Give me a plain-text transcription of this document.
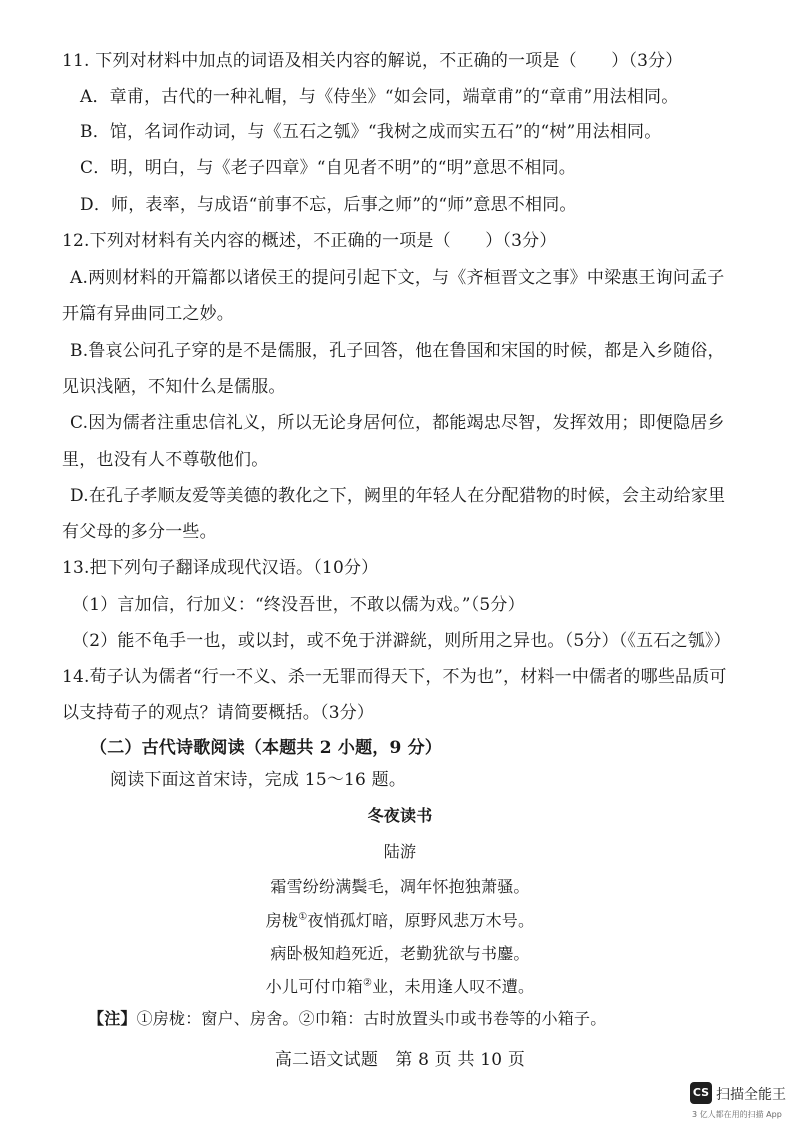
11. 下列对材料中加点的词语及相关内容的解说，不正确的一项是（　　）（3分）
A．章甫，古代的一种礼帽，与《侍坐》“如会同，端章甫”的“章甫”用法相同。
B．馆，名词作动词，与《五石之瓠》“我树之成而实五石”的“树”用法相同。
C．明，明白，与《老子四章》“自见者不明”的“明”意思不相同。
D．师，表率，与成语“前事不忘，后事之师”的“师”意思不相同。
12.下列对材料有关内容的概述，不正确的一项是（　　）（3分）
A.两则材料的开篇都以诸侯王的提问引起下文，与《齐桓晋文之事》中梁惠王询问孟子
开篇有异曲同工之妙。
B.鲁哀公问孔子穿的是不是儒服，孔子回答，他在鲁国和宋国的时候，都是入乡随俗，
见识浅陋，不知什么是儒服。
C.因为儒者注重忠信礼义，所以无论身居何位，都能竭忠尽智，发挥效用；即便隐居乡
里，也没有人不尊敬他们。
D.在孔子孝顺友爱等美德的教化之下，阙里的年轻人在分配猎物的时候，会主动给家里
有父母的多分一些。
13.把下列句子翻译成现代汉语。（10分）
（1）言加信，行加义：“终没吾世，不敢以儒为戏。”（5分）
（2）能不龟手一也，或以封，或不免于洴澼絖，则所用之异也。（5分）（《五石之瓠》）
14.荀子认为儒者“行一不义、杀一无罪而得天下，不为也”，材料一中儒者的哪些品质可
以支持荀子的观点？请简要概括。（3分）
（二）古代诗歌阅读（本题共 2 小题，9 分）
阅读下面这首宋诗，完成 15～16 题。
冬夜读书
陆游
霜雪纷纷满鬓毛，凋年怀抱独萧骚。
房栊①夜悄孤灯暗，原野风悲万木号。
病卧极知趋死近，老勤犹欲与书鏖。
小儿可付巾箱②业，未用逢人叹不遭。
【注】①房栊：窗户、房舍。②巾箱：古时放置头巾或书卷等的小箱子。
高二语文试题　第 8 页 共 10 页
CS 扫描全能王
3 亿人都在用的扫描 App
